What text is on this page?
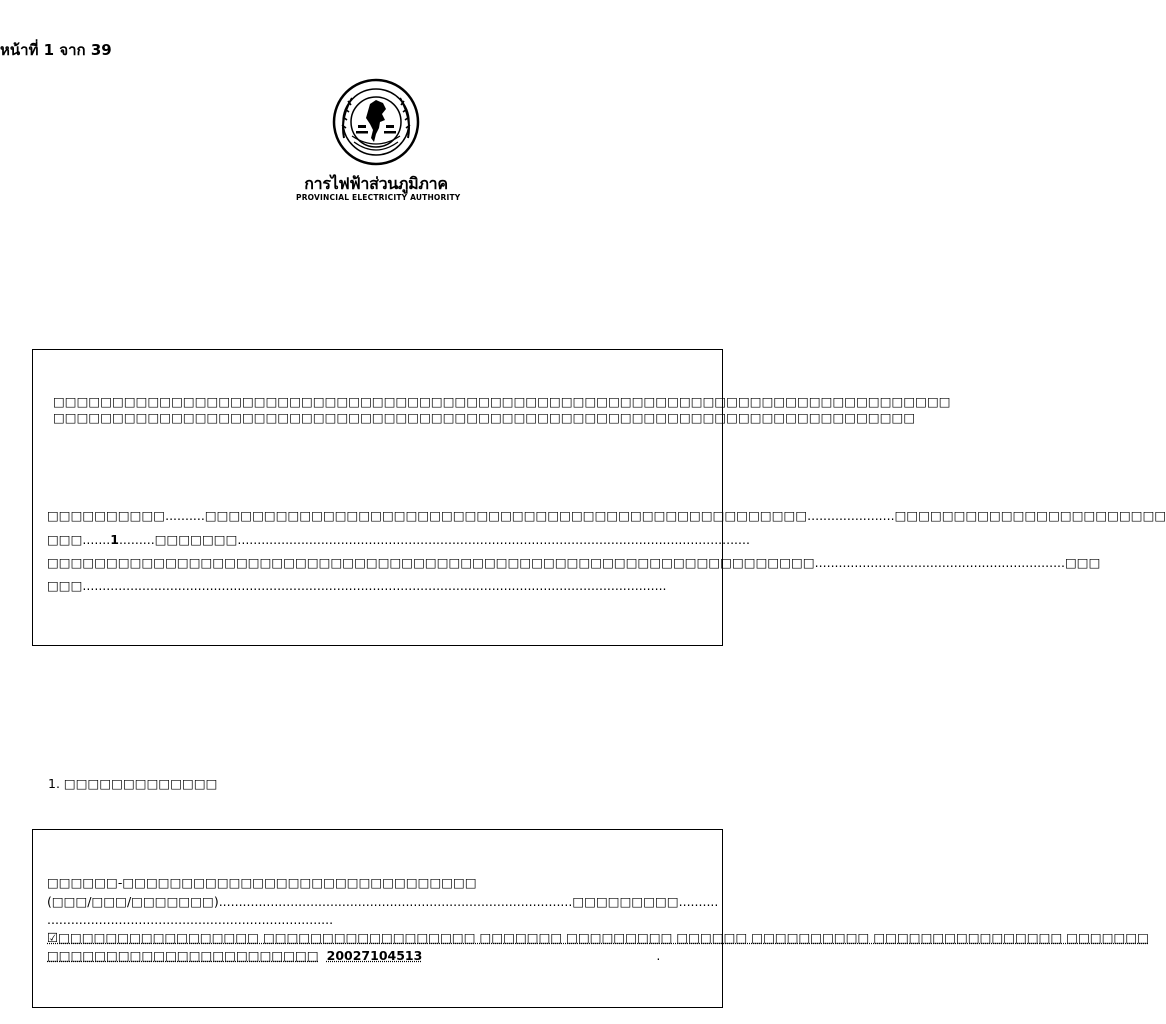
หน้าที่ 1 จาก 39
การไฟฟ้าส่วนภูมิภาค
PROVINCIAL ELECTRICITY AUTHORITY
□□□□□□□□□□□□□□□□□□□□□□□□□□□□□□□□□□□□□□□□□□□□□□□□□□□□□□□□□□□□□□□□□□□□□□□□□□□□
□□□□□□□□□□□□□□□□□□□□□□□□□□□□□□□□□□□□□□□□□□□□□□□□□□□□□□□□□□□□□□□□□□□□□□□□□
□□□□□□□□□□..........□□□□□□□□□□□□□□□□□□□□□□□□□□□□□□□□□□□□□□□□□□□□□□□□□□□......................□□□□□□□□□□□□□□□□□□□□□□□
□□□.......1.........□□□□□□□.................................................................................................................................
□□□□□□□□□□□□□□□□□□□□□□□□□□□□□□□□□□□□□□□□□□□□□□□□□□□□□□□□□□□□□□□□□...............................................................□□□
□□□...................................................................................................................................................
1. □□□□□□□□□□□□□
□□□□□□-□□□□□□□□□□□□□□□□□□□□□□□□□□□□□□
(□□□/□□□/□□□□□□□).........................................................................................□□□□□□□□□..........
........................................................................
☑□□□□□□□□□□□□□□□□□ □□□□□□□□□□□□□□□□□□ □□□□□□□ □□□□□□□□□ □□□□□□ □□□□□□□□□□ □□□□□□□□□□□□□□□□ □□□□□□□
□□□□□□□□□□□□□□□□□□□□□□□ 20027104513	.
